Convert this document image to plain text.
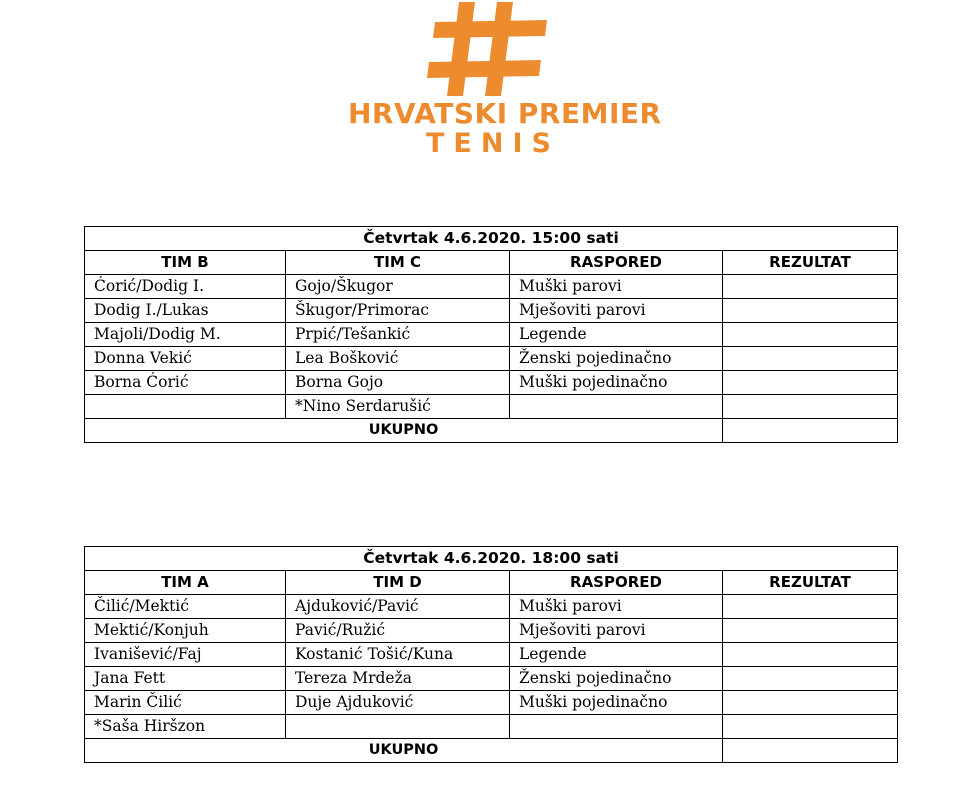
HRVATSKI PREMIER
TENIS
Četvrtak 4.6.2020. 15:00 sati			
TIM B	TIM C	RASPORED	REZULTAT
Ćorić/Dodig I.	Gojo/Škugor	Muški parovi	
Dodig I./Lukas	Škugor/Primorac	Mješoviti parovi	
Majoli/Dodig M.	Prpić/Tešankić	Legende	
Donna Vekić	Lea Bošković	Ženski pojedinačno	
Borna Ćorić	Borna Gojo	Muški pojedinačno	
	*Nino Serdarušić		
UKUPNO			
Četvrtak 4.6.2020. 18:00 sati			
TIM A	TIM D	RASPORED	REZULTAT
Čilić/Mektić	Ajduković/Pavić	Muški parovi	
Mektić/Konjuh	Pavić/Ružić	Mješoviti parovi	
Ivanišević/Faj	Kostanić Tošić/Kuna	Legende	
Jana Fett	Tereza Mrdeža	Ženski pojedinačno	
Marin Čilić	Duje Ajduković	Muški pojedinačno	
*Saša Hiršzon			
UKUPNO			
